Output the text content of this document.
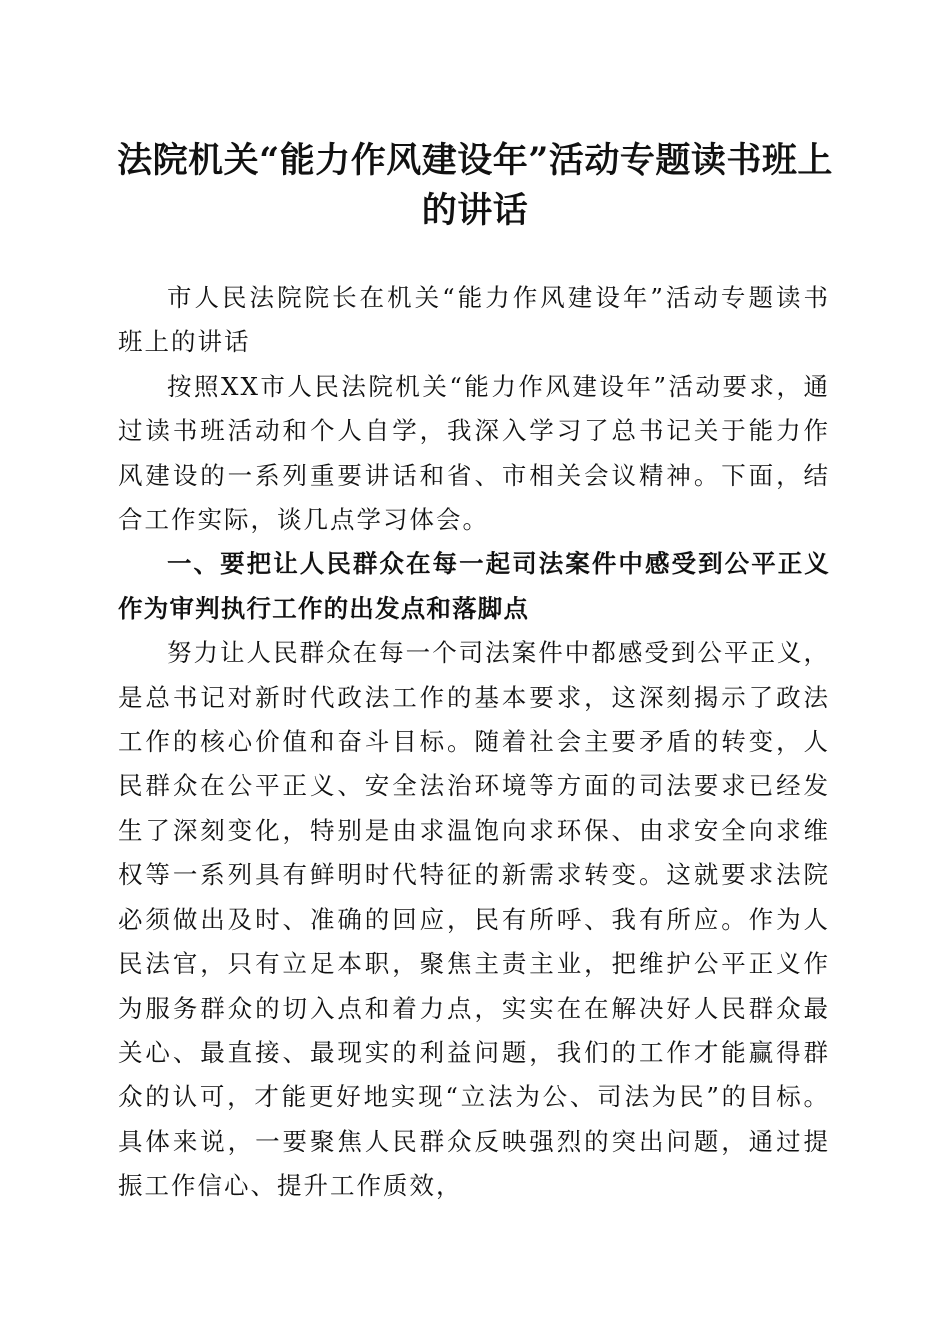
法院机关“能力作风建设年”活动专题读书班上的讲话

市人民法院院长在机关“能力作风建设年”活动专题读书班上的讲话

按照XX市人民法院机关“能力作风建设年”活动要求，通过读书班活动和个人自学，我深入学习了总书记关于能力作风建设的一系列重要讲话和省、市相关会议精神。下面，结合工作实际，谈几点学习体会。

一、要把让人民群众在每一起司法案件中感受到公平正义作为审判执行工作的出发点和落脚点

努力让人民群众在每一个司法案件中都感受到公平正义，是总书记对新时代政法工作的基本要求，这深刻揭示了政法工作的核心价值和奋斗目标。随着社会主要矛盾的转变，人民群众在公平正义、安全法治环境等方面的司法要求已经发生了深刻变化，特别是由求温饱向求环保、由求安全向求维权等一系列具有鲜明时代特征的新需求转变。这就要求法院必须做出及时、准确的回应，民有所呼、我有所应。作为人民法官，只有立足本职，聚焦主责主业，把维护公平正义作为服务群众的切入点和着力点，实实在在解决好人民群众最关心、最直接、最现实的利益问题，我们的工作才能赢得群众的认可，才能更好地实现“立法为公、司法为民”的目标。具体来说，一要聚焦人民群众反映强烈的突出问题，通过提振工作信心、提升工作质效，
